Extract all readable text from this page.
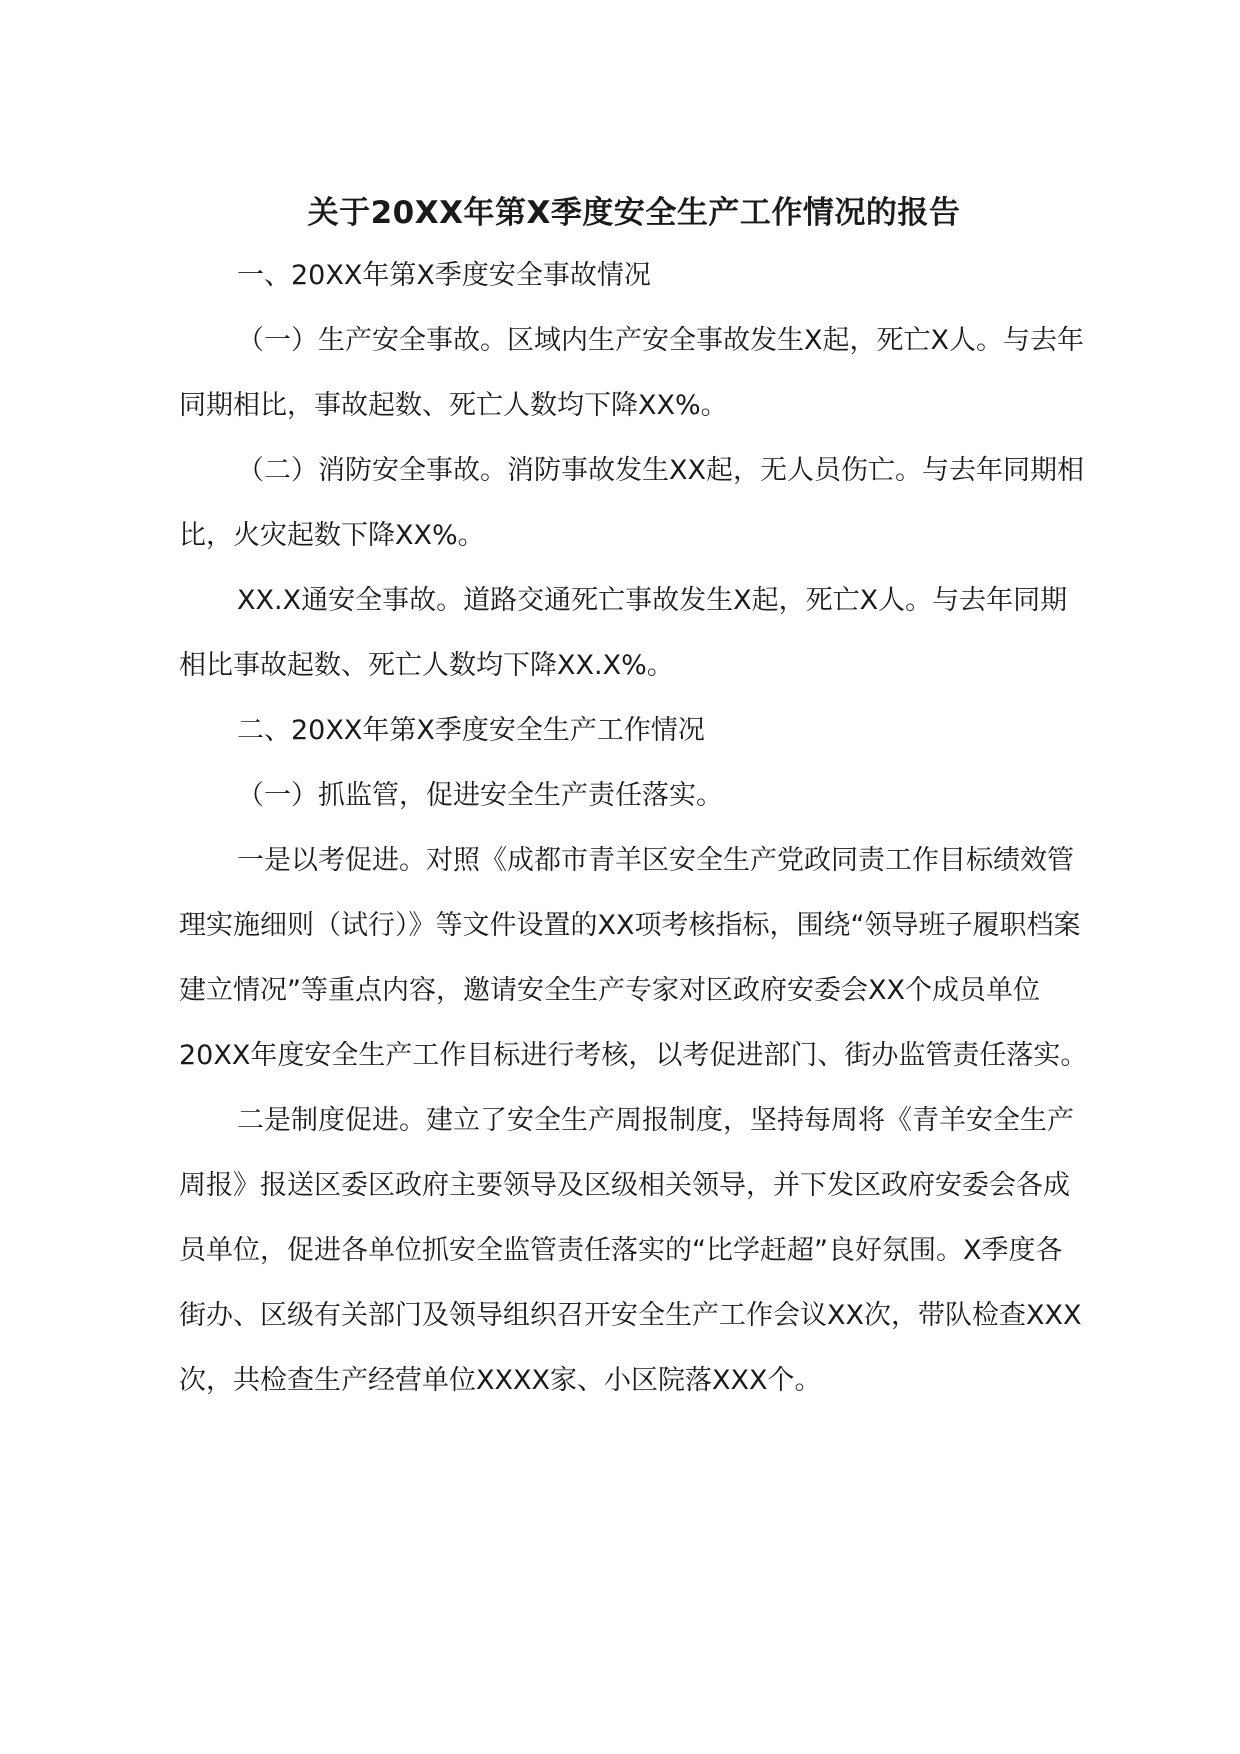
关于20XX年第X季度安全生产工作情况的报告

一、20XX年第X季度安全事故情况

（一）生产安全事故。区域内生产安全事故发生X起，死亡X人。与去年同期相比，事故起数、死亡人数均下降XX%。

（二）消防安全事故。消防事故发生XX起，无人员伤亡。与去年同期相比，火灾起数下降XX%。

XX.X通安全事故。道路交通死亡事故发生X起，死亡X人。与去年同期相比事故起数、死亡人数均下降XX.X%。

二、20XX年第X季度安全生产工作情况

（一）抓监管，促进安全生产责任落实。

一是以考促进。对照《成都市青羊区安全生产党政同责工作目标绩效管理实施细则（试行）》等文件设置的XX项考核指标，围绕“领导班子履职档案建立情况”等重点内容，邀请安全生产专家对区政府安委会XX个成员单位20XX年度安全生产工作目标进行考核，以考促进部门、街办监管责任落实。

二是制度促进。建立了安全生产周报制度，坚持每周将《青羊安全生产周报》报送区委区政府主要领导及区级相关领导，并下发区政府安委会各成员单位，促进各单位抓安全监管责任落实的“比学赶超”良好氛围。X季度各街办、区级有关部门及领导组织召开安全生产工作会议XX次，带队检查XXX次，共检查生产经营单位XXXX家、小区院落XXX个。
